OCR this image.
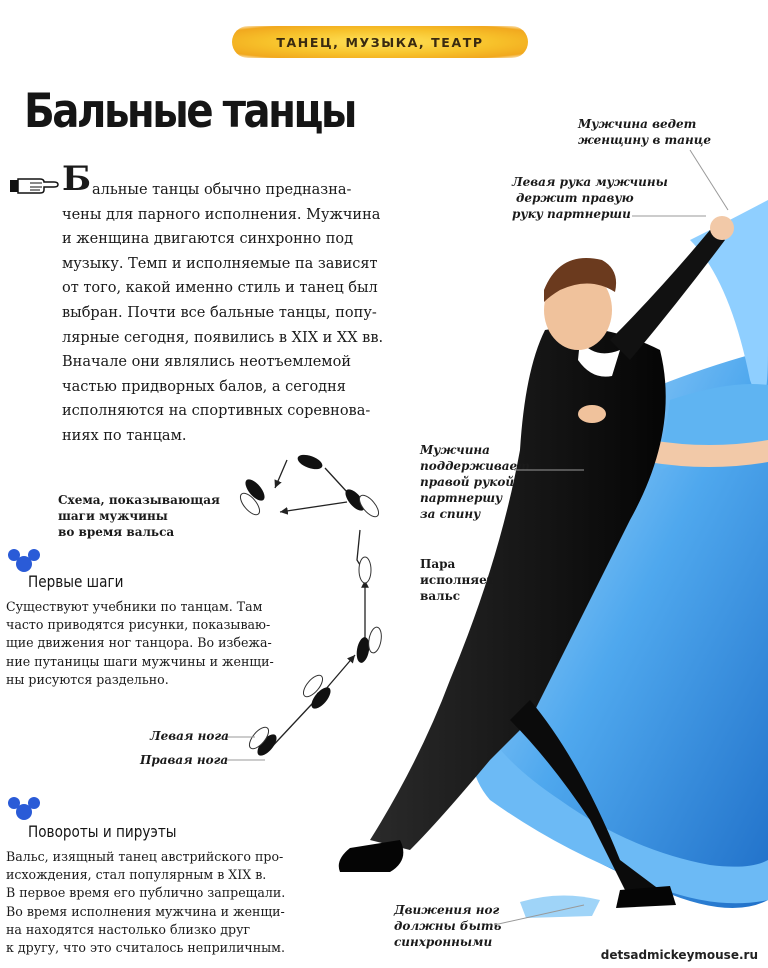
ТАНЕЦ, МУЗЫКА, ТЕАТР
Бальные танцы
Б альные танцы обычно предназна-
чены для парного исполнения. Мужчина
и женщина двигаются синхронно под
музыку. Темп и исполняемые па зависят
от того, какой именно стиль и танец был
выбран. Почти все бальные танцы, попу-
лярные сегодня, появились в XIX и XX вв.
Вначале они являлись неотъемлемой
частью придворных балов, а сегодня
исполняются на спортивных соревнова-
ниях по танцам.
Схема, показывающая
шаги мужчины
во время вальса
Левая нога
Правая нога
Первые шаги
Существуют учебники по танцам. Там
часто приводятся рисунки, показываю-
щие движения ног танцора. Во избежа-
ние путаницы шаги мужчины и женщи-
ны рисуются раздельно.
Повороты и пируэты
Вальс, изящный танец австрийского про-
исхождения, стал популярным в XIX в.
В первое время его публично запрещали.
Во время исполнения мужчина и женщи-
на находятся настолько близко друг
к другу, что это считалось неприличным.
Мужчина ведет
женщину в танце
Левая рука мужчины
держит правую
руку партнерши
Мужчина
поддерживает
правой рукой
партнершу
за спину
Пара
исполняет
вальс
Движения ног
должны быть
синхронными
detsadmickeymouse.ru
